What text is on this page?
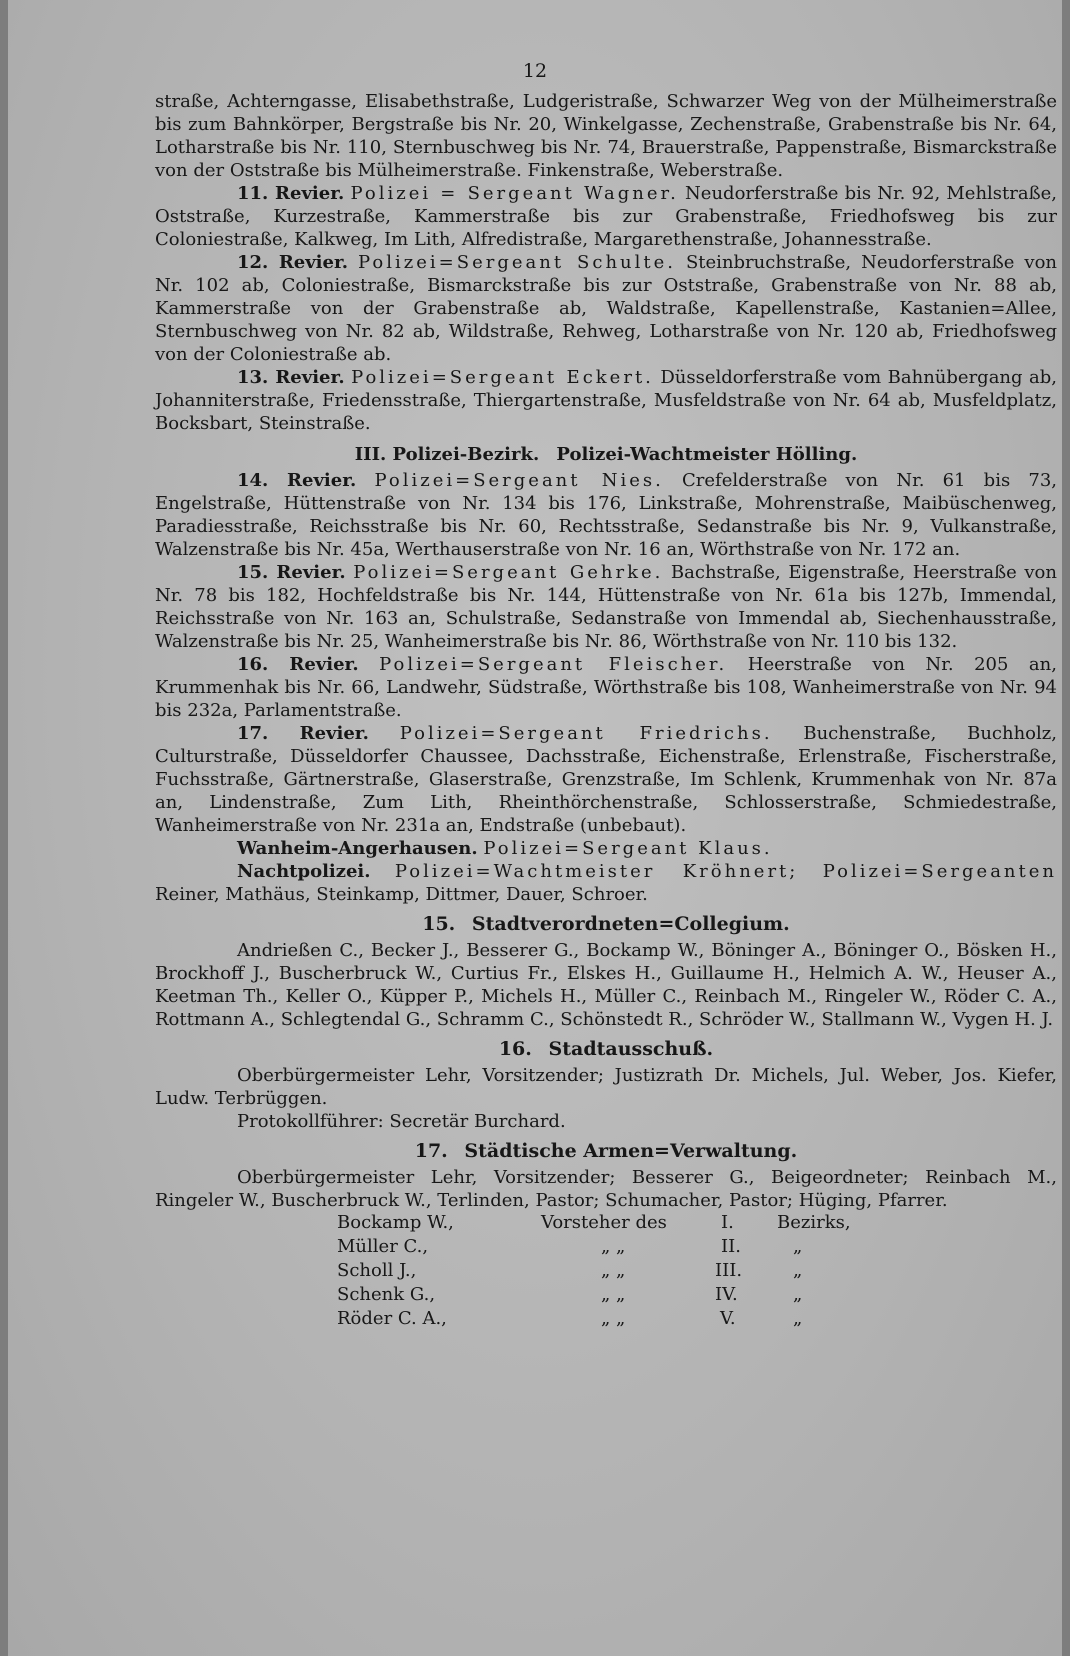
12

straße, Achterngasse, Elisabethstraße, Ludgeristraße, Schwarzer Weg von der Mülheimerstraße bis zum Bahnkörper, Bergstraße bis Nr. 20, Winkelgasse, Zechenstraße, Grabenstraße bis Nr. 64, Lotharstraße bis Nr. 110, Sternbuschweg bis Nr. 74, Brauerstraße, Pappenstraße, Bismarckstraße von der Oststraße bis Mülheimerstraße. Finkenstraße, Weberstraße.

11. Revier. Polizei = Sergeant Wagner. Neudorferstraße bis Nr. 92, Mehlstraße, Oststraße, Kurzestraße, Kammerstraße bis zur Grabenstraße, Friedhofsweg bis zur Coloniestraße, Kalkweg, Im Lith, Alfredistraße, Margarethenstraße, Johannesstraße.

12. Revier. Polizei=Sergeant Schulte. Steinbruchstraße, Neudorferstraße von Nr. 102 ab, Coloniestraße, Bismarckstraße bis zur Oststraße, Grabenstraße von Nr. 88 ab, Kammerstraße von der Grabenstraße ab, Waldstraße, Kapellenstraße, Kastanien=Allee, Sternbuschweg von Nr. 82 ab, Wildstraße, Rehweg, Lotharstraße von Nr. 120 ab, Friedhofsweg von der Coloniestraße ab.

13. Revier. Polizei=Sergeant Eckert. Düsseldorferstraße vom Bahnübergang ab, Johanniterstraße, Friedensstraße, Thiergartenstraße, Musfeldstraße von Nr. 64 ab, Musfeldplatz, Bocksbart, Steinstraße.

III. Polizei-Bezirk. Polizei-Wachtmeister Hölling.

14. Revier. Polizei=Sergeant Nies. Crefelderstraße von Nr. 61 bis 73, Engelstraße, Hüttenstraße von Nr. 134 bis 176, Linkstraße, Mohrenstraße, Maibüschenweg, Paradiesstraße, Reichsstraße bis Nr. 60, Rechtsstraße, Sedanstraße bis Nr. 9, Vulkanstraße, Walzenstraße bis Nr. 45a, Werthauserstraße von Nr. 16 an, Wörthstraße von Nr. 172 an.

15. Revier. Polizei=Sergeant Gehrke. Bachstraße, Eigenstraße, Heerstraße von Nr. 78 bis 182, Hochfeldstraße bis Nr. 144, Hüttenstraße von Nr. 61a bis 127b, Immendal, Reichsstraße von Nr. 163 an, Schulstraße, Sedanstraße von Immendal ab, Siechenhausstraße, Walzenstraße bis Nr. 25, Wanheimerstraße bis Nr. 86, Wörthstraße von Nr. 110 bis 132.

16. Revier. Polizei=Sergeant Fleischer. Heerstraße von Nr. 205 an, Krummenhak bis Nr. 66, Landwehr, Südstraße, Wörthstraße bis 108, Wanheimerstraße von Nr. 94 bis 232a, Parlamentstraße.

17. Revier. Polizei=Sergeant Friedrichs. Buchenstraße, Buchholz, Culturstraße, Düsseldorfer Chaussee, Dachsstraße, Eichenstraße, Erlenstraße, Fischerstraße, Fuchsstraße, Gärtnerstraße, Glaserstraße, Grenzstraße, Im Schlenk, Krummenhak von Nr. 87a an, Lindenstraße, Zum Lith, Rheinthörchenstraße, Schlosserstraße, Schmiedestraße, Wanheimerstraße von Nr. 231a an, Endstraße (unbebaut).

Wanheim-Angerhausen. Polizei=Sergeant Klaus.

Nachtpolizei. Polizei=Wachtmeister Kröhnert; Polizei=Sergeanten Reiner, Mathäus, Steinkamp, Dittmer, Dauer, Schroer.

15. Stadtverordneten=Collegium.

Andrießen C., Becker J., Besserer G., Bockamp W., Böninger A., Böninger O., Bösken H., Brockhoff J., Buscherbruck W., Curtius Fr., Elskes H., Guillaume H., Helmich A. W., Heuser A., Keetman Th., Keller O., Küpper P., Michels H., Müller C., Reinbach M., Ringeler W., Röder C. A., Rottmann A., Schlegtendal G., Schramm C., Schönstedt R., Schröder W., Stallmann W., Vygen H. J.

16. Stadtausschuß.

Oberbürgermeister Lehr, Vorsitzender; Justizrath Dr. Michels, Jul. Weber, Jos. Kiefer, Ludw. Terbrüggen.

Protokollführer: Secretär Burchard.

17. Städtische Armen=Verwaltung.

Oberbürgermeister Lehr, Vorsitzender; Besserer G., Beigeordneter; Reinbach M., Ringeler W., Buscherbruck W., Terlinden, Pastor; Schumacher, Pastor; Hüging, Pfarrer.

Bockamp W.,	Vorsteher des	I. Bezirks,
Müller C.,	„ „	II.	„
Scholl J.,	„ „	III.	„
Schenk G.,	„ „	IV.	„
Röder C. A.,	„ „	V.	„
